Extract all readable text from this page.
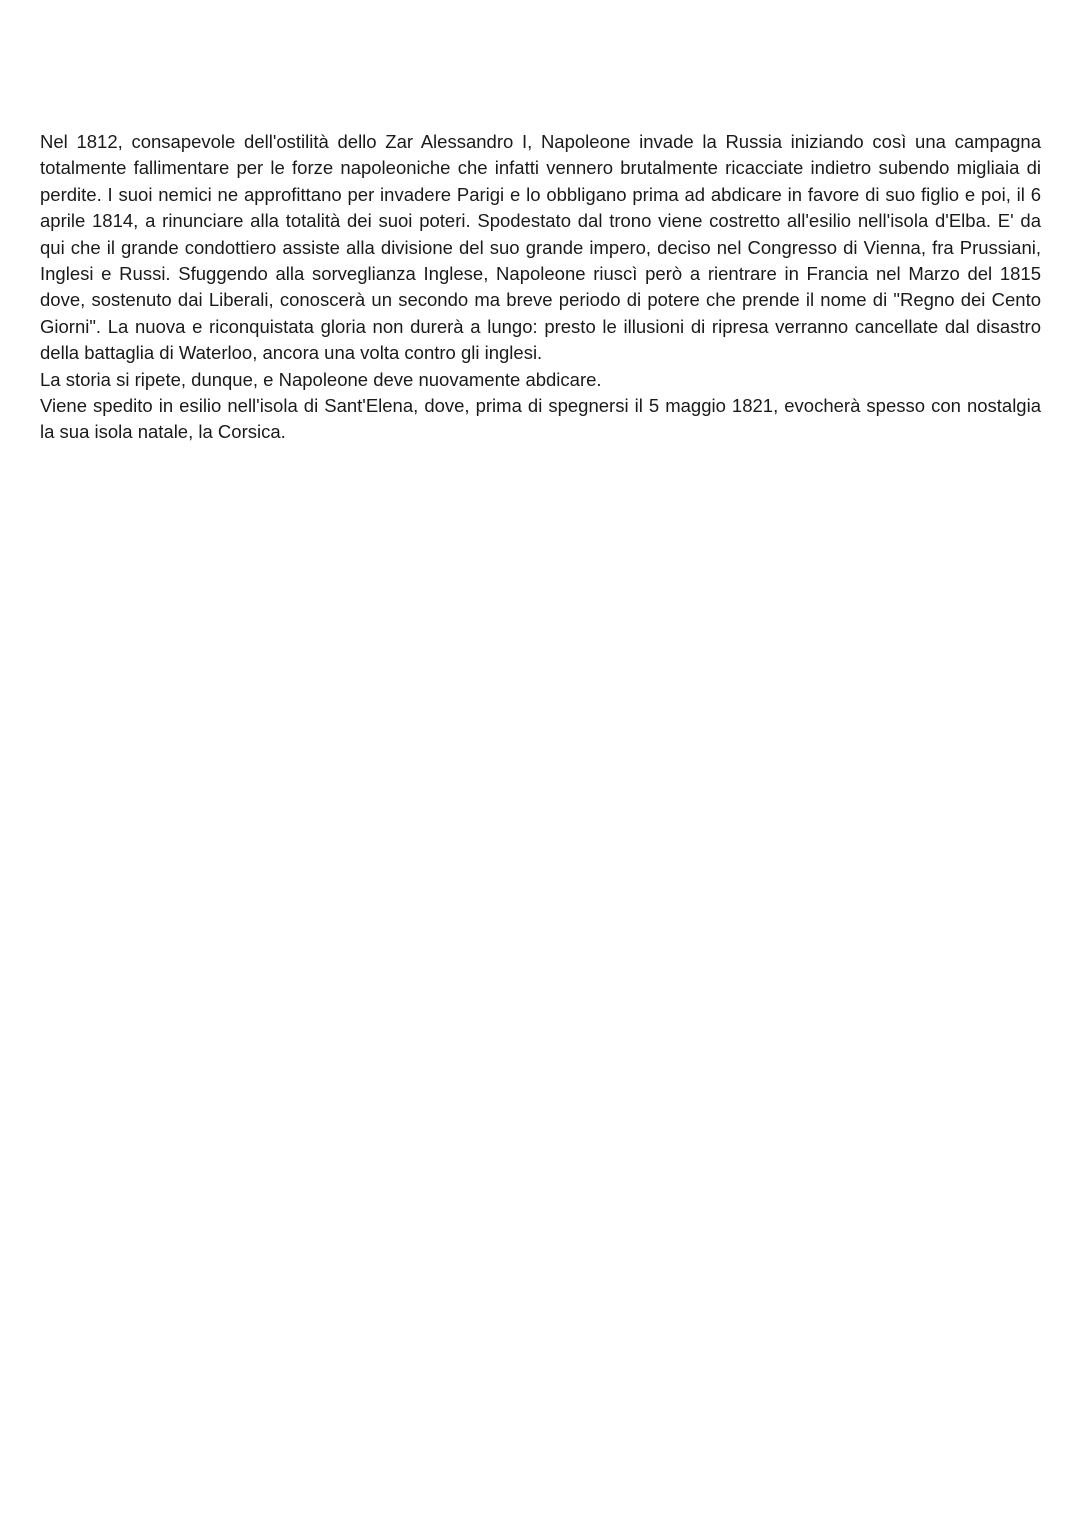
Nel 1812, consapevole dell'ostilità dello Zar Alessandro I, Napoleone invade la Russia iniziando così una campagna totalmente fallimentare per le forze napoleoniche che infatti vennero brutalmente ricacciate indietro subendo migliaia di perdite. I suoi nemici ne approfittano per invadere Parigi e lo obbligano prima ad abdicare in favore di suo figlio e poi, il 6 aprile 1814, a rinunciare alla totalità dei suoi poteri. Spodestato dal trono viene costretto all'esilio nell'isola d'Elba. E' da qui che il grande condottiero assiste alla divisione del suo grande impero, deciso nel Congresso di Vienna, fra Prussiani, Inglesi e Russi. Sfuggendo alla sorveglianza Inglese, Napoleone riuscì però a rientrare in Francia nel Marzo del 1815 dove, sostenuto dai Liberali, conoscerà un secondo ma breve periodo di potere che prende il nome di "Regno dei Cento Giorni". La nuova e riconquistata gloria non durerà a lungo: presto le illusioni di ripresa verranno cancellate dal disastro della battaglia di Waterloo, ancora una volta contro gli inglesi.

La storia si ripete, dunque, e Napoleone deve nuovamente abdicare.

Viene spedito in esilio nell'isola di Sant'Elena, dove, prima di spegnersi il 5 maggio 1821, evocherà spesso con nostalgia la sua isola natale, la Corsica.
